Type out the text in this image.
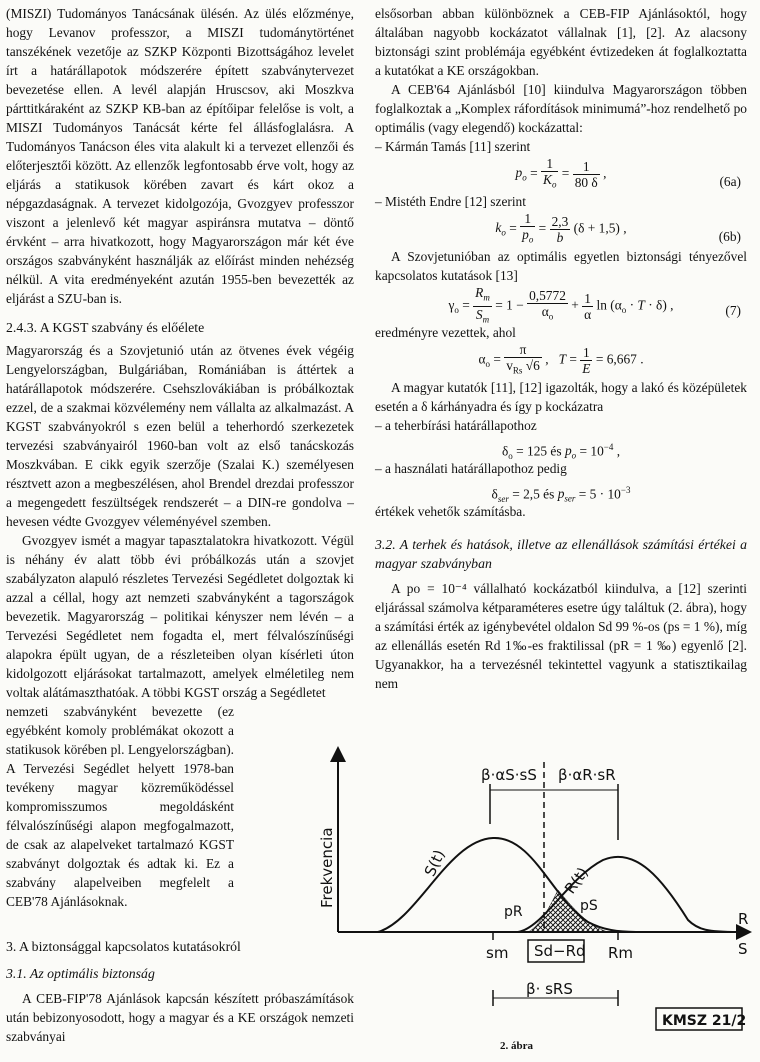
(MISZI) Tudományos Tanácsának ülésén. Az ülés előzménye, hogy Levanov professzor, a MISZI tudománytörténet tanszékének vezetője az SZKP Központi Bizottságához levelet írt a határállapotok módszerére épített szabványtervezet bevezetése ellen. A levél alapján Hruscsov, aki Moszkva párttitkáraként az SZKP KB-ban az építőipar felelőse is volt, a MISZI Tudományos Tanácsát kérte fel állásfoglalásra. A Tudományos Tanácson éles vita alakult ki a tervezet ellenzői és előterjesztői között. Az ellenzők legfontosabb érve volt, hogy az eljárás a statikusok körében zavart és kárt okoz a népgazdaságnak. A tervezet kidolgozója, Gvozgyev professzor viszont a jelenlevő két magyar aspiránsra mutatva – döntő érvként – arra hivatkozott, hogy Magyarországon már két éve országos szabványként használják az előírást minden nehézség nélkül. A vita eredményeként azután 1955-ben bevezették az eljárást a SZU-ban is.

2.4.3. A KGST szabvány és előélete

Magyarország és a Szovjetunió után az ötvenes évek végéig Lengyelországban, Bulgáriában, Romániában is áttértek a határállapotok módszerére. Csehszlovákiában is próbálkoztak ezzel, de a szakmai közvélemény nem vállalta az alkalmazást. A KGST szabványokról s ezen belül a teherhordó szerkezetek tervezési szabványairól 1960-ban volt az első tanácskozás Moszkvában. E cikk egyik szerzője (Szalai K.) személyesen résztvett azon a megbeszélésen, ahol Brendel drezdai professzor a megengedett feszültségek rendszerét – a DIN-re gondolva – hevesen védte Gvozgyev véleményével szemben.

Gvozgyev ismét a magyar tapasztalatokra hivatkozott. Végül is néhány év alatt több évi próbálkozás után a szovjet szabályzaton alapuló részletes Tervezési Segédletet dolgoztak ki azzal a céllal, hogy azt nemzeti szabványként a tagországok bevezetik. Magyarország – politikai kényszer nem lévén – a Tervezési Segédletet nem fogadta el, mert félvalószínűségi alapokra épült ugyan, de a részleteiben olyan kísérleti úton kidolgozott eljárásokat tartalmazott, amelyek elméletileg nem voltak alátámaszthatóak. A többi KGST ország a Segédletet

nemzeti szabványként bevezette (ez egyébként komoly problémákat okozott a statikusok körében pl. Lengyelországban). A Tervezési Segédlet helyett 1978-ban tevékeny magyar közreműködéssel kompromisszumos megoldásként félvalószínűségi alapon megfogalmazott, de csak az alapelveket tartalmazó KGST szabványt dolgoztak és adtak ki. Ez a szabvány alapelveiben megfelelt a CEB'78 Ajánlásoknak.

3. A biztonsággal kapcsolatos kutatásokról
3.1. Az optimális biztonság

A CEB-FIP'78 Ajánlások kapcsán készített próbaszámítások után bebizonyosodott, hogy a magyar és a KE országok nemzeti szabványai

elsősorban abban különböznek a CEB-FIP Ajánlásoktól, hogy általában nagyobb kockázatot vállalnak [1], [2]. Az alacsony biztonsági szint problémája egyébként évtizedeken át foglalkoztatta a kutatókat a KE országokban.

A CEB'64 Ajánlásból [10] kiindulva Magyarországon többen foglalkoztak a „Komplex ráfordítások minimumá”-hoz rendelhető po optimális (vagy elegendő) kockázattal:

– Kármán Tamás [11] szerint
$p_o = \frac{1}{K_o} = \frac{1}{80 \delta}$ ,
(6a)
– Mistéth Endre [12] szerint
$k_o = \frac{1}{p_o} = \frac{2,3}{b} (\delta + 1,5)$ ,
(6b)

A Szovjetunióban az optimális egyetlen biztonsági tényezővel kapcsolatos kutatások [13]

$\gamma_o = \frac{R_m}{S_m} = 1 - \frac{0,5772}{\alpha_o} + \frac{1}{\alpha}$ $\ln (\alpha_o \cdot T \cdot \delta)$ ,	(7)

eredményre vezettek, ahol

$\alpha_o = \frac{\pi}{v_{Rs} √6}$ ,   $T = \frac{1}{E} = 6,667$ .

A magyar kutatók [11], [12] igazolták, hogy a lakó és középületek esetén a δ kárhányadra és így p kockázatra

– a teherbírási határállapothoz
$\delta_o = 125$ és $p_o = 10^{-4}$ ,
– a használati határállapothoz pedig
$\delta_{ser} = 2,5$ és $p_{ser} = 5 \cdot 10^{-3}$

értékek vehetők számításba.

3.2. A terhek és hatások, illetve az ellenállások számítási értékei a magyar szabványban

A po = 10⁻⁴ vállalható kockázatból kiindulva, a [12] szerinti eljárással számolva kétparaméteres esetre úgy találtuk (2. ábra), hogy a számítási érték az igénybevétel oldalon Sd 99 %-os (ps = 1 %), míg az ellenállás esetén Rd 1‰-es fraktilissal (pR = 1 ‰) egyenlő [2]. Ugyanakkor, ha a tervezésnél tekintettel vagyunk a statisztikailag nem

Frekvencia
β·αS·sS β·αR·sR
S(t)
R(t)
pR	pS
R
S
sm	Rm
Sd−Rd
β· sRS
KMSZ 21/2
2. ábra
